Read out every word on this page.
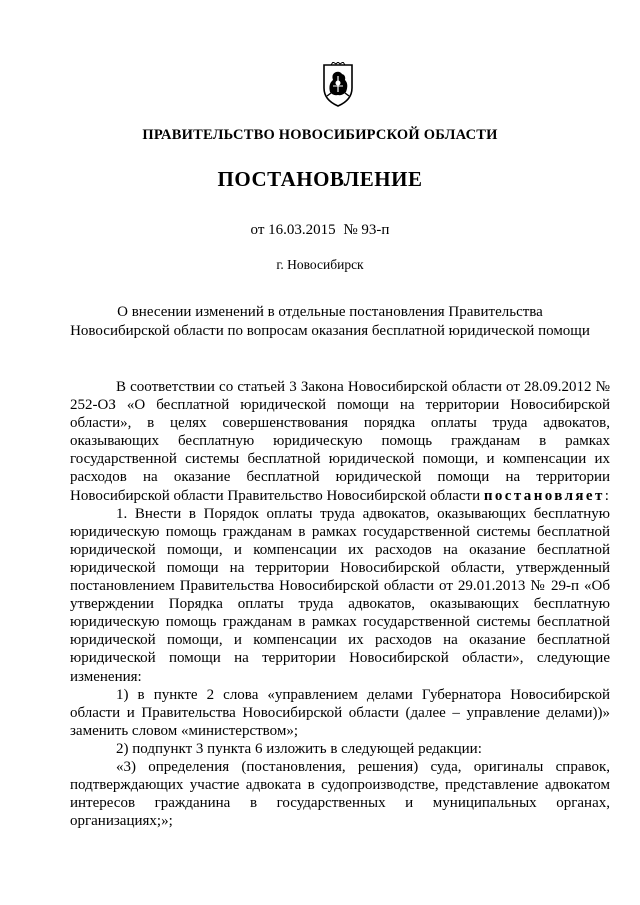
ПРАВИТЕЛЬСТВО НОВОСИБИРСКОЙ ОБЛАСТИ
ПОСТАНОВЛЕНИЕ
от 16.03.2015 № 93-п
г. Новосибирск
О внесении изменений в отдельные постановления Правительства
Новосибирской области по вопросам оказания бесплатной юридической помощи

В соответствии со статьей 3 Закона Новосибирской области от 28.09.2012 № 252-ОЗ «О бесплатной юридической помощи на территории Новосибирской области», в целях совершенствования порядка оплаты труда адвокатов, оказывающих бесплатную юридическую помощь гражданам в рамках государственной системы бесплатной юридической помощи, и компенсации их расходов на оказание бесплатной юридической помощи на территории Новосибирской области Правительство Новосибирской области постановляет:

1. Внести в Порядок оплаты труда адвокатов, оказывающих бесплатную юридическую помощь гражданам в рамках государственной системы бесплатной юридической помощи, и компенсации их расходов на оказание бесплатной юридической помощи на территории Новосибирской области, утвержденный постановлением Правительства Новосибирской области от 29.01.2013 № 29-п «Об утверждении Порядка оплаты труда адвокатов, оказывающих бесплатную юридическую помощь гражданам в рамках государственной системы бесплатной юридической помощи, и компенсации их расходов на оказание бесплатной юридической помощи на территории Новосибирской области», следующие изменения:

1) в пункте 2 слова «управлением делами Губернатора Новосибирской области и Правительства Новосибирской области (далее – управление делами))» заменить словом «министерством»;

2) подпункт 3 пункта 6 изложить в следующей редакции:

«3) определения (постановления, решения) суда, оригиналы справок, подтверждающих участие адвоката в судопроизводстве, представление адвокатом интересов гражданина в государственных и муниципальных органах, организациях;»;
